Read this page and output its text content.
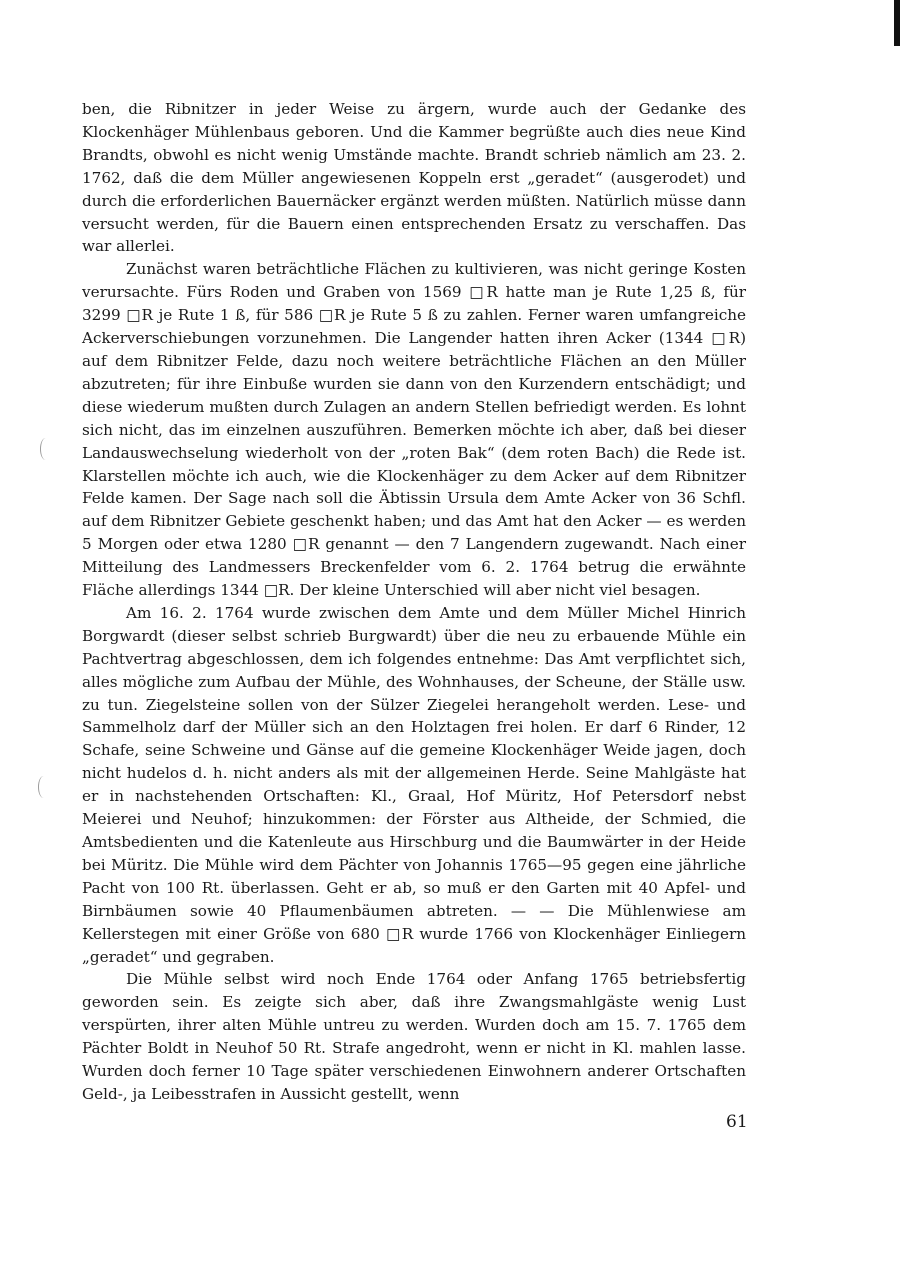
ben, die Ribnitzer in jeder Weise zu ärgern, wurde auch der Gedanke des Klockenhäger Mühlenbaus geboren. Und die Kammer begrüßte auch dies neue Kind Brandts, obwohl es nicht wenig Umstände machte. Brandt schrieb nämlich am 23. 2. 1762, daß die dem Müller angewiesenen Koppeln erst „geradet“ (ausgerodet) und durch die erforderlichen Bauernäcker ergänzt werden müßten. Natürlich müsse dann versucht werden, für die Bauern einen entsprechenden Ersatz zu verschaffen. Das war allerlei.

Zunächst waren beträchtliche Flächen zu kultivieren, was nicht geringe Kosten verursachte. Fürs Roden und Graben von 1569 □R hatte man je Rute 1,25 ß, für 3299 □R je Rute 1 ß, für 586 □R je Rute 5 ß zu zahlen. Ferner waren umfangreiche Ackerverschiebungen vorzunehmen. Die Langender hatten ihren Acker (1344 □R) auf dem Ribnitzer Felde, dazu noch weitere beträchtliche Flächen an den Müller abzutreten; für ihre Einbuße wurden sie dann von den Kurzendern entschädigt; und diese wiederum mußten durch Zulagen an andern Stellen befriedigt werden. Es lohnt sich nicht, das im einzelnen auszuführen. Bemerken möchte ich aber, daß bei dieser Landauswechselung wiederholt von der „roten Bak“ (dem roten Bach) die Rede ist. Klarstellen möchte ich auch, wie die Klockenhäger zu dem Acker auf dem Ribnitzer Felde kamen. Der Sage nach soll die Äbtissin Ursula dem Amte Acker von 36 Schfl. auf dem Ribnitzer Gebiete geschenkt haben; und das Amt hat den Acker — es werden 5 Morgen oder etwa 1280 □R genannt — den 7 Langendern zugewandt. Nach einer Mitteilung des Landmessers Breckenfelder vom 6. 2. 1764 betrug die erwähnte Fläche allerdings 1344 □R. Der kleine Unterschied will aber nicht viel besagen.

Am 16. 2. 1764 wurde zwischen dem Amte und dem Müller Michel Hinrich Borgwardt (dieser selbst schrieb Burgwardt) über die neu zu erbauende Mühle ein Pachtvertrag abgeschlossen, dem ich folgendes entnehme: Das Amt verpflichtet sich, alles mögliche zum Aufbau der Mühle, des Wohnhauses, der Scheune, der Ställe usw. zu tun. Ziegelsteine sollen von der Sülzer Ziegelei herangeholt werden. Lese- und Sammelholz darf der Müller sich an den Holztagen frei holen. Er darf 6 Rinder, 12 Schafe, seine Schweine und Gänse auf die gemeine Klockenhäger Weide jagen, doch nicht hudelos d. h. nicht anders als mit der allgemeinen Herde. Seine Mahlgäste hat er in nachstehenden Ortschaften: Kl., Graal, Hof Müritz, Hof Petersdorf nebst Meierei und Neuhof; hinzukommen: der Förster aus Altheide, der Schmied, die Amtsbedienten und die Katenleute aus Hirschburg und die Baumwärter in der Heide bei Müritz. Die Mühle wird dem Pächter von Johannis 1765—95 gegen eine jährliche Pacht von 100 Rt. überlassen. Geht er ab, so muß er den Garten mit 40 Apfel- und Birnbäumen sowie 40 Pflaumenbäumen abtreten. — — Die Mühlenwiese am Kellerstegen mit einer Größe von 680 □R wurde 1766 von Klockenhäger Einliegern „geradet“ und gegraben.

Die Mühle selbst wird noch Ende 1764 oder Anfang 1765 betriebsfertig geworden sein. Es zeigte sich aber, daß ihre Zwangsmahlgäste wenig Lust verspürten, ihrer alten Mühle untreu zu werden. Wurden doch am 15. 7. 1765 dem Pächter Boldt in Neuhof 50 Rt. Strafe angedroht, wenn er nicht in Kl. mahlen lasse. Wurden doch ferner 10 Tage später verschiedenen Einwohnern anderer Ortschaften Geld-, ja Leibesstrafen in Aussicht gestellt, wenn

61
